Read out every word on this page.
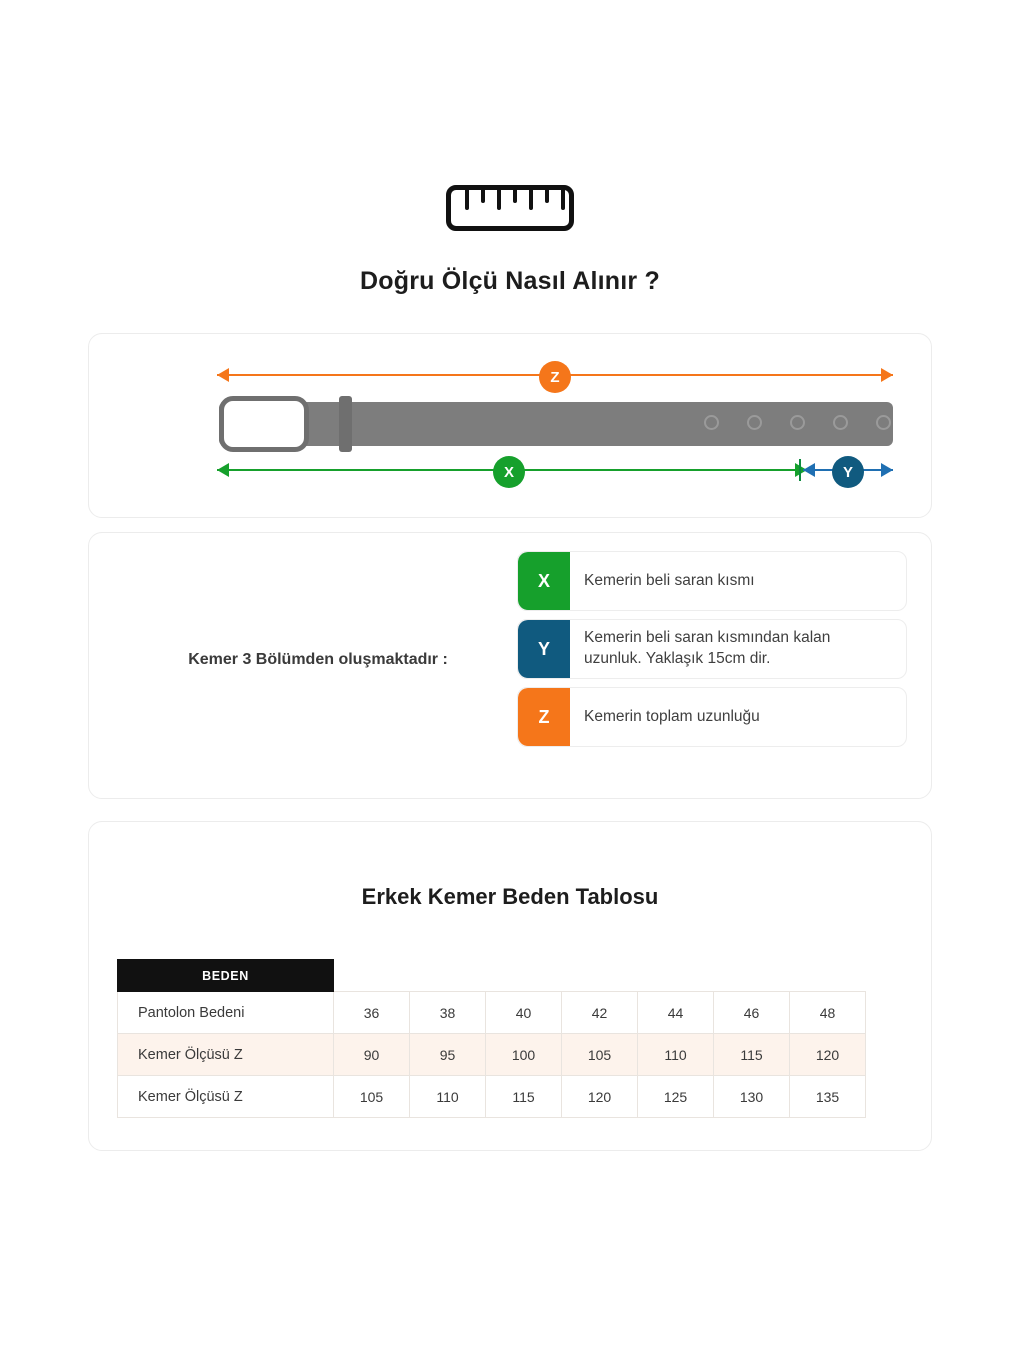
Doğru Ölçü Nasıl Alınır ?
Z
X	Y
Kemer 3 Bölümden oluşmaktadır :
X	Kemerin beli saran kısmı
Y
Kemerin beli saran kısmından kalan uzunluk. Yaklaşık 15cm dir.
Z	Kemerin toplam uzunluğu
Erkek Kemer Beden Tablosu
BEDEN							
Pantolon Bedeni	36	38	40	42	44	46	48
Kemer Ölçüsü Z	90	95	100	105	110	115	120
Kemer Ölçüsü Z	105	110	115	120	125	130	135
